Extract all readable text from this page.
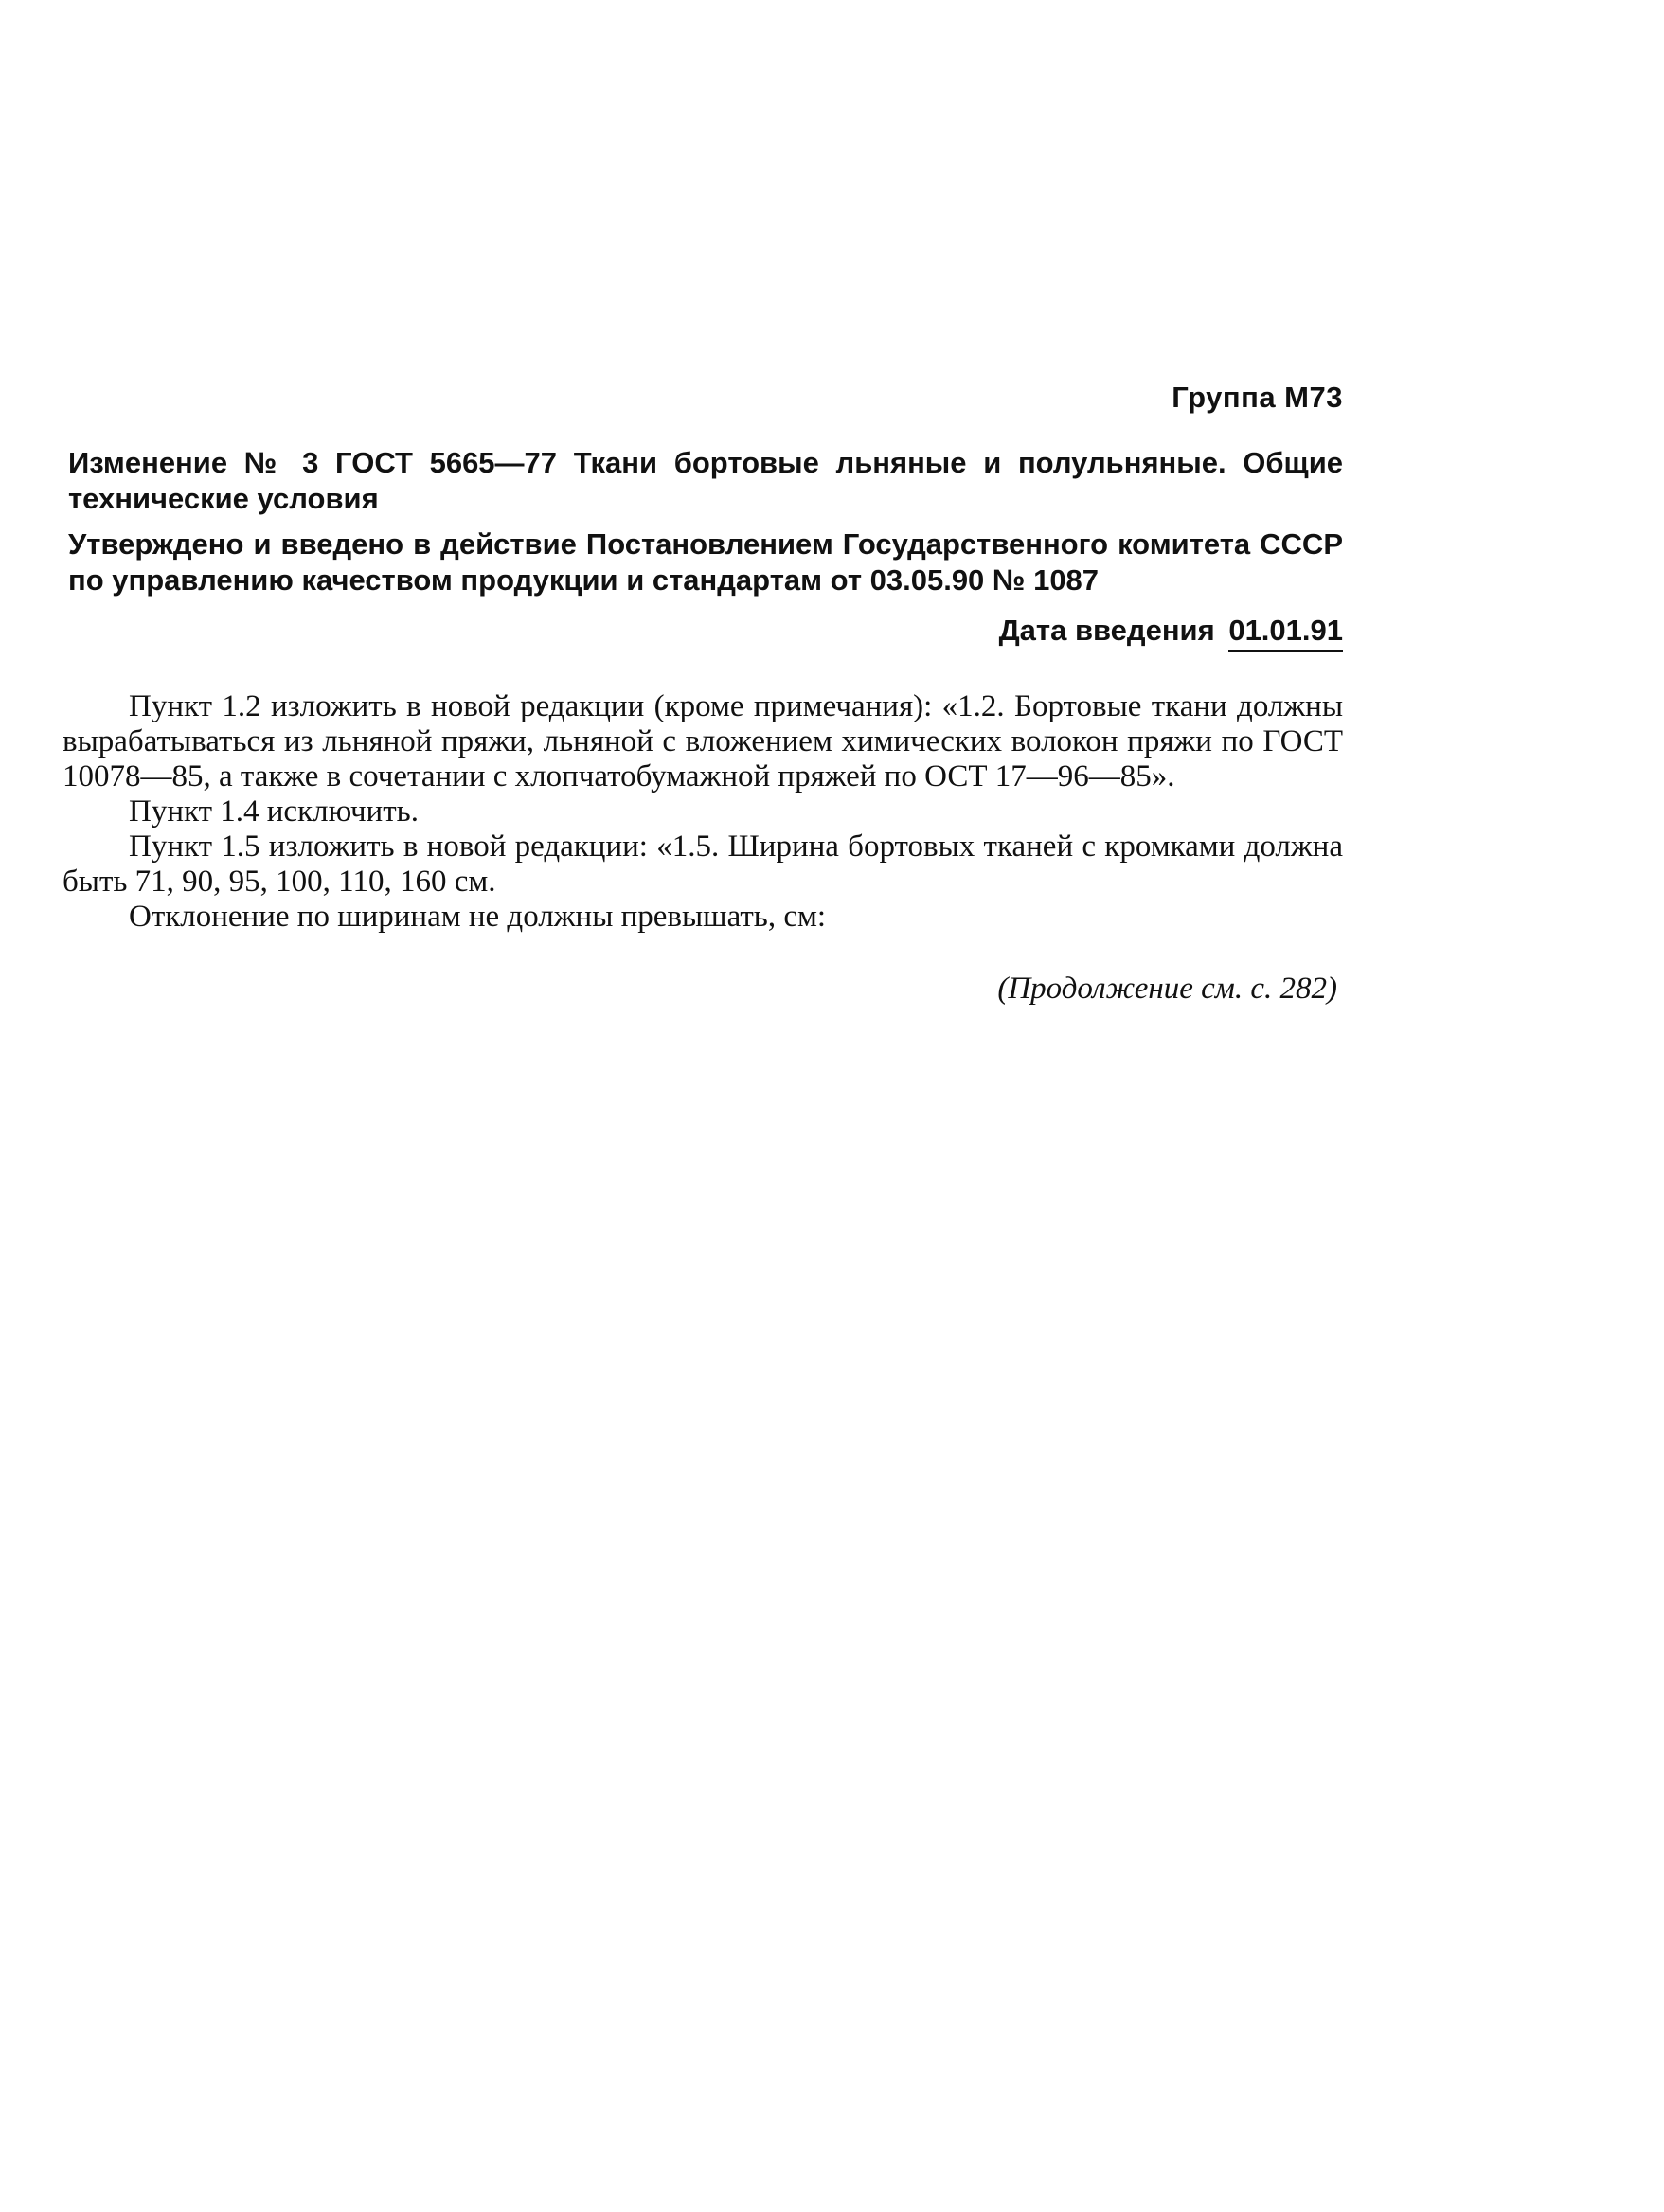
Группа М73
Изменение № 3 ГОСТ 5665—77 Ткани бортовые льняные и полульняные. Общие технические условия
Утверждено и введено в действие Постановлением Государственного комитета СССР по управлению качеством продукции и стандартам от 03.05.90 № 1087
Дата введения 01.01.91

Пункт 1.2 изложить в новой редакции (кроме примечания): «1.2. Бортовые ткани должны вырабатываться из льняной пряжи, льняной с вложением химических волокон пряжи по ГОСТ 10078—85, а также в сочетании с хлопчатобумажной пряжей по ОСТ 17—96—85».

Пункт 1.4 исключить.

Пункт 1.5 изложить в новой редакции: «1.5. Ширина бортовых тканей с кромками должна быть 71, 90, 95, 100, 110, 160 см.

Отклонение по ширинам не должны превышать, см:

(Продолжение см. с. 282)
